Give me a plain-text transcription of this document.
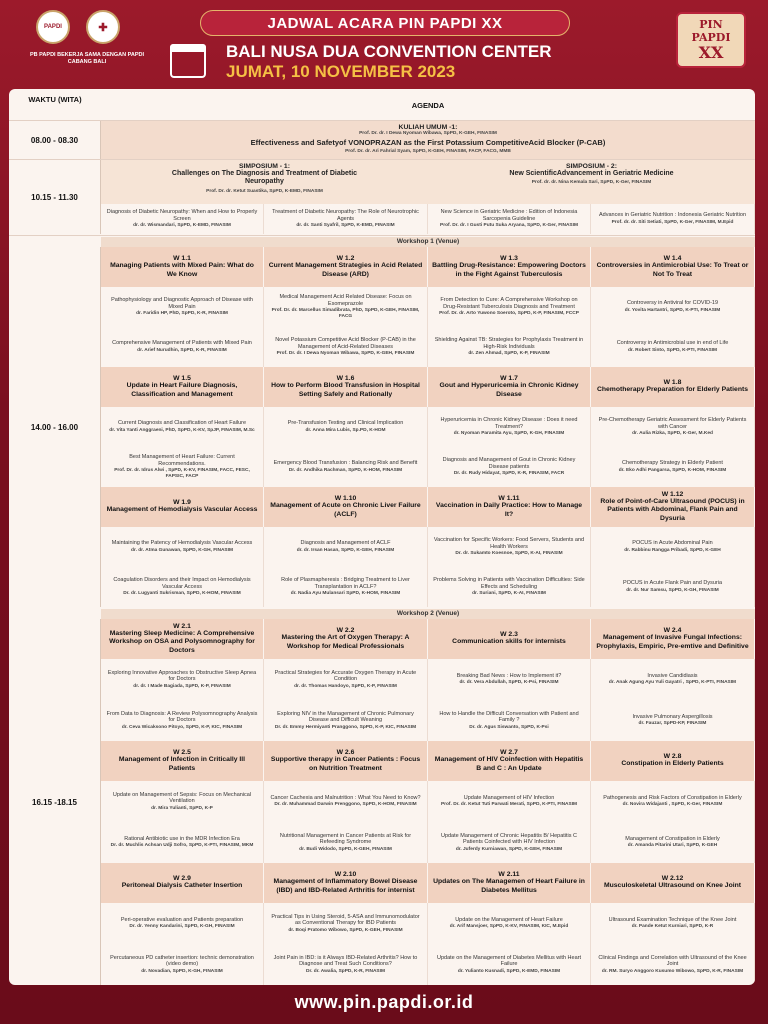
PAPDI	✚
PB PAPDI BEKERJA SAMA DENGAN PAPDI CABANG BALI
JADWAL ACARA PIN PAPDI XX
BALI NUSA DUA CONVENTION CENTER
JUMAT, 10 NOVEMBER 2023
PIN
PAPDI
XX
WAKTU (WITA)
AGENDA
08.00 - 08.30
KULIAH UMUM -1:
Prof. Dr. dr. I Dewa Nyoman Wibawa, SpPD, K-GEH, FINASIM
Effectiveness and Safetyof VONOPRAZAN as the First Potassium CompetitiveAcid Blocker (P-CAB)
Prof. Dr. dr. Ari Fahrial Syam, SpPD, K-GEH, FINASIM, FACP, FACG, MMB
10.15 - 11.30
SIMPOSIUM - 1:
Challenges on The Diagnosis and Treatment of Diabetic Neuropathy
Prof. Dr. dr. Ketut Suastika, SpPD, K-EMD, FINASIM
SIMPOSIUM - 2:
New ScientificAdvancement in Geriatric Medicine
Prof. dr. dr. Nina Kemala Sari, SpPD, K-Ger, FINASIM
Diagnosis of Diabetic Neuropathy: When and How to Properly Screen
dr. dr. Wismandari, SpPD, K-EMD, FINASIM
Treatment of Diabetic Neuropathy: The Role of Neurotrophic Agents
dr. dr. Santi Syafril, SpPD, K-EMD, FINASIM
New Science in Geriatric Medicine : Edition of Indonesia Sarcopenia Guideline
Prof. Dr. dr. I Gusti Putu Suka Aryana, SpPD, K-Ger, FINASIM
Advances in Geriatric Nutrition : Indonesia Geriatric Nutrition
Prof. dr. dr. Siti Setiati, SpPD, K-Ger, FINASIM, M.Epid
Workshop 1 (Venue)
14.00 - 16.00
W 1.1
Managing Patients with Mixed Pain: What do We Know
Pathophysiology and Diagnostic Approach of Disease with Mixed Pain
dr. Faridin HP, PhD, SpPD, K-R, FINASIM
Comprehensive Management of Patients with Mixed Pain
dr. Arief Nurudhin, SpPD, K-R, FINASIM
W 1.2
Current Management Strategies in Acid Related Disease (ARD)
Medical Management Acid Related Disease: Focus on Esomeprazole
Prof. Dr. dr. Marcellus Simadibrata, PhD, SpPD, K-GEH, FINASIM, FACG
Novel Potassium Competitive Acid Blocker (P-CAB) in the Management of Acid-Related Diseases
Prof. Dr. dr. I Dewa Nyoman Wibawa, SpPD, K-GEH, FINASIM
W 1.3
Battling Drug-Resistance: Empowering Doctors in the Fight Against Tuberculosis
From Detection to Cure: A Comprehensive Workshop on Drug-Resistant Tuberculosis Diagnosis and Treatment
Prof. Dr. dr. Arto Yuwono Soeroto, SpPD, K-P, FINASIM, FCCP
Shielding Against TB: Strategies for Prophylaxis Treatment in High-Risk Individuals
dr. Zen Ahmad, SpPD, K-P, FINASIM
W 1.4
Controversies in Antimicrobial Use: To Treat or Not To Treat
Controversy in Antiviral for COVID-19
dr. Yovita Hartantri, SpPD, K-PTI, FINASIM
Controversy in Antimicrobial use in end of Life
dr. Robert Sinto, SpPD, K-PTI, FINASIM
W 1.5
Update in Heart Failure Diagnosis, Classification and Management
Current Diagnosis and Classification of Heart Failure
dr. Vita Yanti Anggraeni, PhD, SpPD, K-KV, SpJP, FINASIM, M.Sc
Best Management of Heart Failure: Current Recommendations.
Prof. Dr. dr. Idrus Alwi , SpPD, K-KV, FINASIM, FACC, FESC, FAPSIC, FACP
W 1.6
How to Perform Blood Transfusion in Hospital Setting Safely and Rationally
Pre-Transfusion Testing and Clinical Implication
dr. Anna Mira Lubis, Sp.PD, K-HOM
Emergency Blood Transfusion : Balancing Risk and Benefit
Dr. dr. Andhika Rachman, SpPD, K-HOM, FINASIM
W 1.7
Gout and Hyperuricemia in Chronic Kidney Disease
Hyperuricemia in Chronic Kidney Disease : Does it need Treatment?
dr. Nyoman Paramita Ayu, SpPD, K-GH, FINASIM
Diagnosis and Management of Gout in Chronic Kidney Disease patients
Dr. dr. Rudy Hidayat, SpPD, K-R, FINASIM, FACR
W 1.8
Chemotherapy Preparation for Elderly Patients
Pre-Chemotherapy Geriatric Assessment for Elderly Patients with Cancer
dr. Aulia Rizka, SpPD, K-Ger, M.Ked
Chemotherapy Strategy in Elderly Patient
dr. Eko Adhi Pangarsa, SpPD, K-HOM, FINASIM
W 1.9
Management of Hemodialysis Vascular Access
Maintaining the Patency of Hemodialysis Vascular Access
dr. dr. Atma Gunawan, SpPD, K-GH, FINASIM
Coagulation Disorders and their Impact on Hemodialysis Vascular Access
Dr. dr. Lugyanti Sukrisman, SpPD, K-HOM, FINASIM
W 1.10
Management of Acute on Chronic Liver Failure (ACLF)
Diagnosis and Management of ACLF
dr. dr. Irsan Hasan, SpPD, K-GEH, FINASIM
Role of Plasmapheresis : Bridging Treatment to Liver Transplantation in ACLF?
dr. Nadia Ayu Mulansari SpPD, K-HOM, FINASIM
W 1.11
Vaccination in Daily Practice: How to Manage It?
Vaccination for Specific Workers: Food Servers, Students and Health Workers
Dr. dr. Sukamto Koesnoe, SpPD, K-AI, FINASIM
Problems Solving in Patients with Vaccination Difficulties: Side Effects and Scheduling
dr. Suriani, SpPD, K-AI, FINASIM
W 1.12
Role of Point-of-Care Ultrasound (POCUS) in Patients with Abdominal, Flank Pain and Dysuria
POCUS in Acute Abdominal Pain
dr. Rabbinu Rangga Pribadi, SpPD, K-GEH
POCUS in Acute Flank Pain and Dysuria
dr. dr. Nur Samsu, SpPD, K-GH, FINASIM
Workshop 2 (Venue)
16.15 -18.15
W 2.1
Mastering Sleep Medicine: A Comprehensive Workshop on OSA and Polysomnography for Doctors
Exploring Innovative Approaches to Obstructive Sleep Apnea for Doctors
dr. dr. I Made Bagiada, SpPD, K-P, FINASIM
From Data to Diagnosis: A Review Polysomnography Analysis for Doctors
dr. Ceva Wicaksono Pitoyo, SpPD, K-P, KIC, FINASIM
W 2.2
Mastering the Art of Oxygen Therapy: A Workshop for Medical Professionals
Practical Strategies for Accurate Oxygen Therapy in Acute Condition
dr. dr. Thomas Handoyo, SpPD, K-P, FINASIM
Exploring NIV in the Management of Chronic Pulmonary Disease and Difficult Weaning
Dr. dr. Emmy Hermiyanti Pranggono, SpPD, K-P, KIC, FINASIM
W 2.3
Communication skills for internists
Breaking Bad News : How to Implement it?
dr. dr. Vera Abdullah, SpPD, K-Psi, FINASIM
How to Handle the Difficult Conversation with Patient and Family ?
Dr. dr. Agus Siswanto, SpPD, K-Psi
W 2.4
Management of Invasive Fungal Infections: Prophylaxis, Empiric, Pre-emtive and Definitive
Invasive Candidiasis
dr. Anak Agung Ayu Yuli Gayatri , SpPD, K-PTI, FINASIM
Invasive Pulmonary Aspergillosis
dr. Fauzar, SpPD-KP, FINASIM
W 2.5
Management of Infection in Critically Ill Patients
Update on Management of Sepsis: Focus on Mechanical Ventilation
dr. Mira Yulianti, SpPD, K-P
Rational Antibiotic use in the MDR Infection Era
Dr. dr. Muchlis Achsan Udji Sofro, SpPD, K-PTI, FINASIM, MKM
W 2.6
Supportive therapy in Cancer Patients : Focus on Nutrition Treatment
Cancer Cachexia and Malnutrition : What You Need to Know?
Dr. dr. Muhammad Darwin Prenggono, SpPD, K-HOM, FINASIM
Nutritional Management in Cancer Patients at Risk for Refeeding Syndrome
dr. Budi Widodo, SpPD, K-GEH, FINASIM
W 2.7
Management of HIV Coinfection with Hepatitis B and C : An Update
Update Management of HIV Infection
Prof. Dr. dr. Ketut Tuti Parwati Merati, SpPD, K-PTI, FINASIM
Update Management of Chronic Hepatitis B/ Hepatitis C Patients Coinfected with HIV Infection
dr. Juferdy Kurniawan, SpPD, K-GEH, FINASIM
W 2.8
Constipation in Elderly Patients
Pathogenesis and Risk Factors of Constipation in Elderly
dr. Novira Widajanti , SpPD, K-Ger, FINASIM
Management of Constipation in Elderly
dr. Amanda Pitarini Utari, SpPD, K-GEH
W 2.9
Peritoneal Dialysis Catheter Insertion
Peri-operative evaluation and Patients preparation
Dr. dr. Yenny Kandarini, SpPD, K-GH, FINASIM
Percutaneous PD catheter insertion: technic demonstration (video demo)
dr. Novadian, SpPD, K-GH, FINASIM
W 2.10
Management of Inflammatory Bowel Disease (IBD) and IBD-Related Arthritis for internist
Practical Tips in Using Steroid, 5-ASA and Immunomodulator as Conventional Therapy for IBD Patients
dr. Boqi Pratomo Wibowo, SpPD, K-GEH, FINASIM
Joint Pain in IBD: is it Always IBD-Related Arthritis? How to Diagnose and Treat Such Conditions?
Dr. dr. Awalia, SpPD, K-R, FINASIM
W 2.11
Updates on The Managemen of Heart Failure in Diabetes Mellitus
Update on the Management of Heart Failure
dr. Arif Mansjoer, SpPD, K-KV, FINASIM, KIC, M.Epid
Update on the Management of Diabetes Mellitus with Heart Failure
dr. Yulianto Kusnadi, SpPD, K-EMD, FINASIM
W 2.12
Musculoskeletal Ultrasound on Knee Joint
Ultrasound Examination Technique of the Knee Joint
dr. Pande Ketut Kurniari, SpPD, K-R
Clinical Findings and Correlation with Ultrasound of the Knee Joint
dr. RM. Suryo Anggoro Kusumo Wibowo, SpPD, K-R, FINASIM
www.pin.papdi.or.id
